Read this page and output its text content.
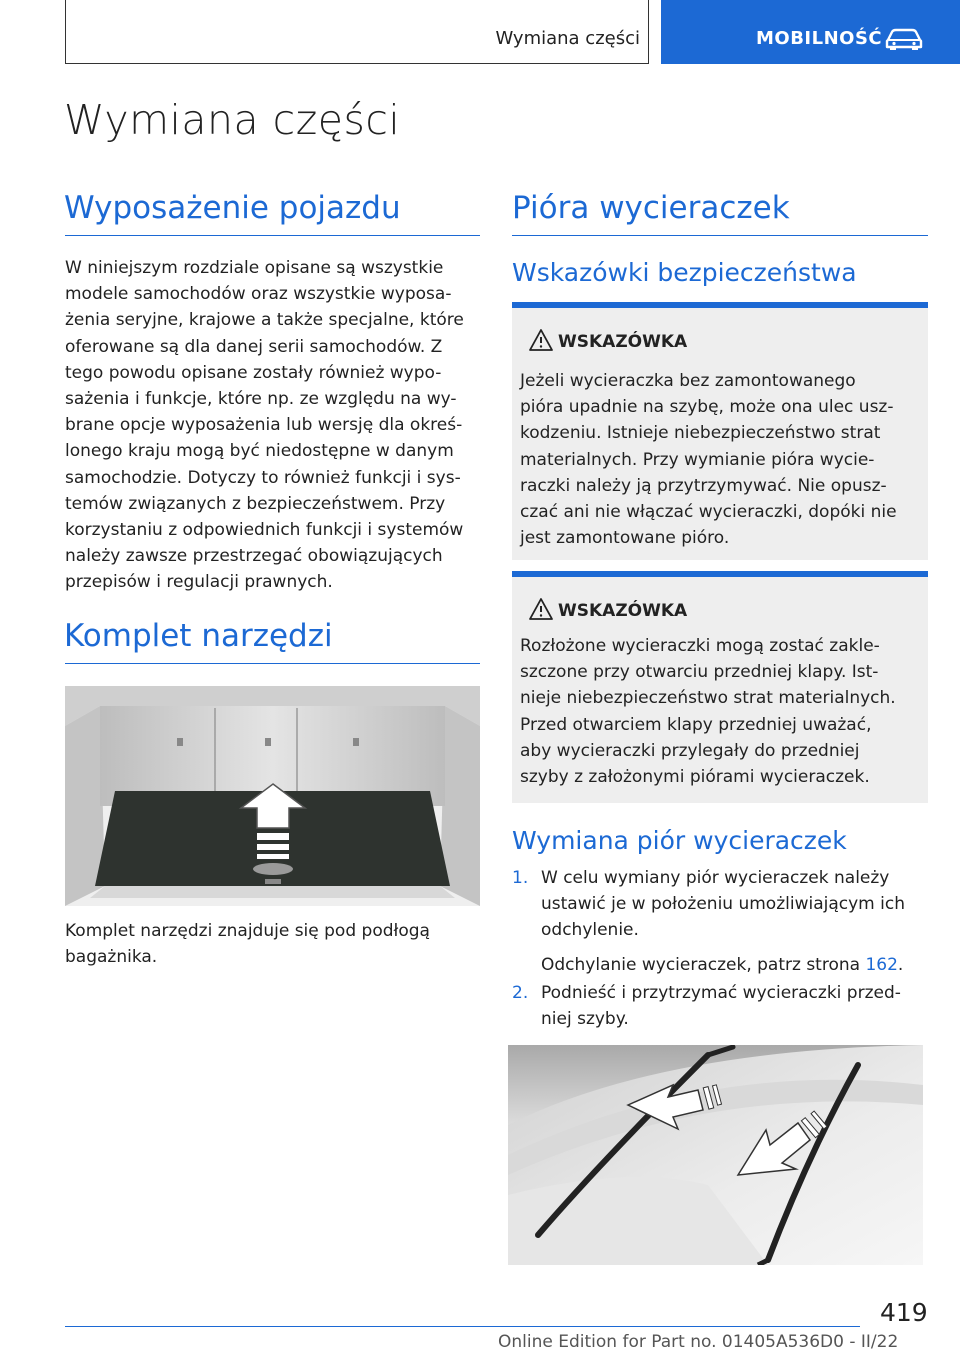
Wymiana części	MOBILNOŚĆ
Wymiana części
Wyposażenie pojazdu
W niniejszym rozdziale opisane są wszystkie
modele samochodów oraz wszystkie wyposa-
żenia seryjne, krajowe a także specjalne, które
oferowane są dla danej serii samochodów. Z
tego powodu opisane zostały również wypo-
sażenia i funkcje, które np. ze względu na wy-
brane opcje wyposażenia lub wersję dla okreś-
lonego kraju mogą być niedostępne w danym
samochodzie. Dotyczy to również funkcji i sys-
temów związanych z bezpieczeństwem. Przy
korzystaniu z odpowiednich funkcji i systemów
należy zawsze przestrzegać obowiązujących
przepisów i regulacji prawnych.
Komplet narzędzi
Komplet narzędzi znajduje się pod podłogą
bagażnika.
Pióra wycieraczek
Wskazówki bezpieczeństwa
WSKAZÓWKA
Jeżeli wycieraczka bez zamontowanego
pióra upadnie na szybę, może ona ulec usz-
kodzeniu. Istnieje niebezpieczeństwo strat
materialnych. Przy wymianie pióra wycie-
raczki należy ją przytrzymywać. Nie opusz-
czać ani nie włączać wycieraczki, dopóki nie
jest zamontowane pióro.
WSKAZÓWKA
Rozłożone wycieraczki mogą zostać zakle-
szczone przy otwarciu przedniej klapy. Ist-
nieje niebezpieczeństwo strat materialnych.
Przed otwarciem klapy przedniej uważać,
aby wycieraczki przylegały do przedniej
szyby z założonymi piórami wycieraczek.
Wymiana piór wycieraczek
1. W celu wymiany piór wycieraczek należy
ustawić je w położeniu umożliwiającym ich
odchylenie.
Odchylanie wycieraczek, patrz strona 162.
2. Podnieść i przytrzymać wycieraczki przed-
niej szyby.
419
Online Edition for Part no. 01405A536D0 - II/22
